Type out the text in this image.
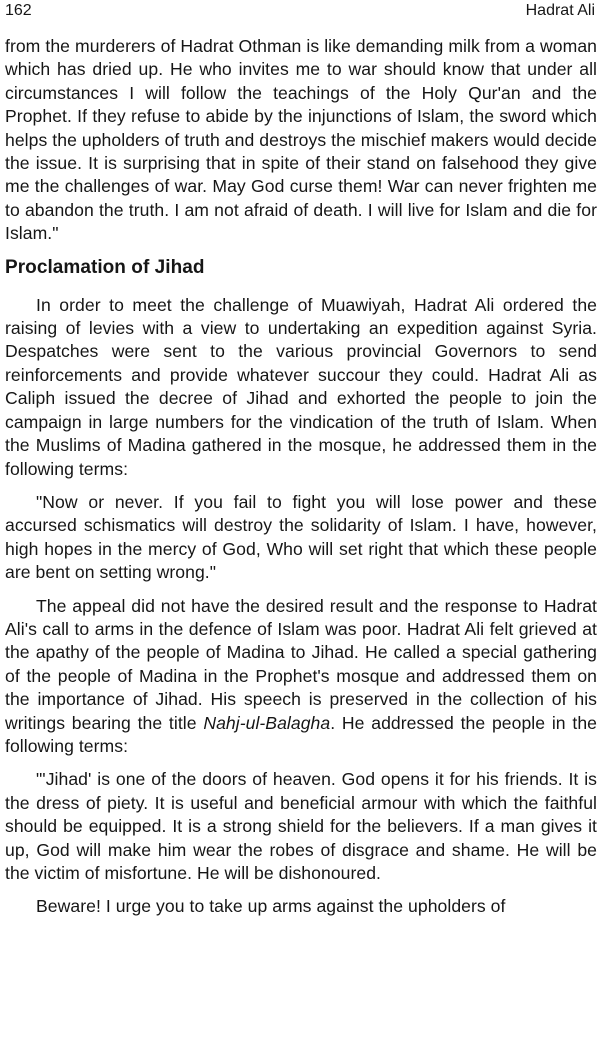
162	Hadrat Ali

from the murderers of Hadrat Othman is like demanding milk from a woman which has dried up. He who invites me to war should know that under all circumstances I will follow the teachings of the Holy Qur'an and the Prophet. If they refuse to abide by the injunctions of Islam, the sword which helps the upholders of truth and destroys the mischief makers would decide the issue. It is surprising that in spite of their stand on falsehood they give me the challenges of war. May God curse them! War can never frighten me to abandon the truth. I am not afraid of death. I will live for Islam and die for Islam."

Proclamation of Jihad

In order to meet the challenge of Muawiyah, Hadrat Ali ordered the raising of levies with a view to undertaking an expedition against Syria. Despatches were sent to the various provincial Governors to send reinforcements and provide whatever succour they could. Hadrat Ali as Caliph issued the decree of Jihad and exhorted the people to join the campaign in large numbers for the vindication of the truth of Islam. When the Muslims of Madina gathered in the mosque, he addressed them in the following terms:

"Now or never. If you fail to fight you will lose power and these accursed schismatics will destroy the solidarity of Islam. I have, however, high hopes in the mercy of God, Who will set right that which these people are bent on setting wrong."

The appeal did not have the desired result and the response to Hadrat Ali's call to arms in the defence of Islam was poor. Hadrat Ali felt grieved at the apathy of the people of Madina to Jihad. He called a special gathering of the people of Madina in the Prophet's mosque and addressed them on the importance of Jihad. His speech is preserved in the collection of his writings bearing the title Nahj-ul-Balagha. He addressed the people in the following terms:

"'Jihad' is one of the doors of heaven. God opens it for his friends. It is the dress of piety. It is useful and beneficial armour with which the faithful should be equipped. It is a strong shield for the believers. If a man gives it up, God will make him wear the robes of disgrace and shame. He will be the victim of misfortune. He will be dishonoured.

Beware! I urge you to take up arms against the upholders of
